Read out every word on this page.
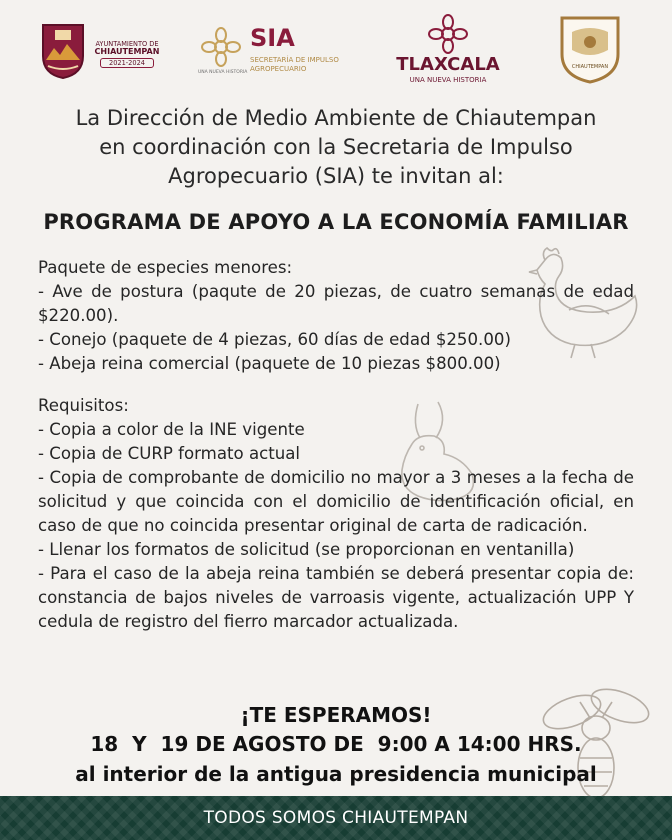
AYUNTAMIENTO DE
CHIAUTEMPAN
2021-2024
UNA NUEVA HISTORIA
SIA
SECRETARÍA DE IMPULSO
AGROPECUARIO	TLAXCALA
UNA NUEVA HISTORIA
CHIAUTEMPAN
La Dirección de Medio Ambiente de Chiautempan
en coordinación con la Secretaria de Impulso
Agropecuario (SIA) te invitan al:
PROGRAMA DE APOYO A LA ECONOMÍA FAMILIAR

Paquete de especies menores:

- Ave de postura (paqute de 20 piezas, de cuatro semanas de edad $220.00).

- Conejo (paquete de 4 piezas, 60 días de edad $250.00)

- Abeja reina comercial (paquete de 10 piezas $800.00)

Requisitos:

- Copia a color de la INE vigente

- Copia de CURP formato actual

- Copia de comprobante de domicilio no mayor a 3 meses a la fecha de solicitud y que coincida con el domicilio de identificación oficial, en caso de que no coincida presentar original de carta de radicación.

- Llenar los formatos de solicitud (se proporcionan en ventanilla)

- Para el caso de la abeja reina también se deberá presentar copia de: constancia de bajos niveles de varroasis vigente, actualización UPP Y cedula de registro del fierro marcador actualizada.

¡TE ESPERAMOS!
18  Y  19 DE AGOSTO DE  9:00 A 14:00 HRS.
al interior de la antigua presidencia municipal
TODOS SOMOS CHIAUTEMPAN
